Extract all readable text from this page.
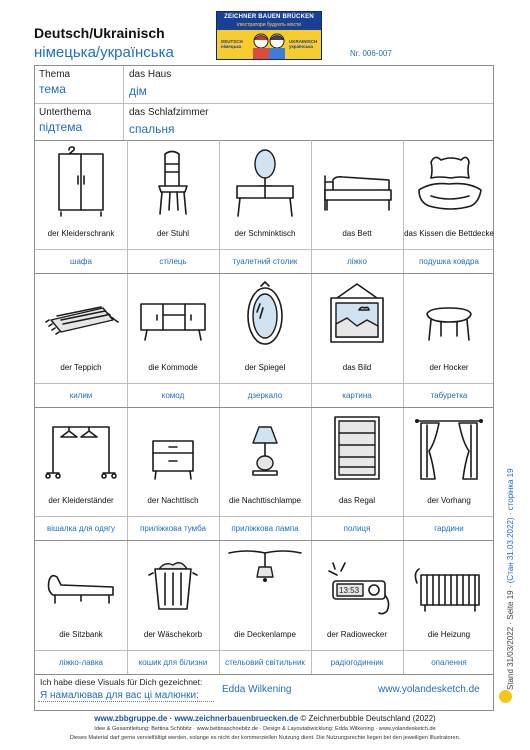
Deutsch/Ukrainisch
німецька/українська
ZEICHNER BAUEN BRÜCKEN
ілюстратори будують мости
DEUTSCH
німецька
UKRAINISCH
українська
Nr. 006-007
Thema
тема
das Haus
дім
Unterthema
підтема
das Schlafzimmer
спальня
der Kleiderschrank
шафа
der Stuhl
стілець
der Schminktisch
туалетний столик
das Bett
ліжко
das Kissen die Bettdecke
подушка ковдра
der Teppich
килим
die Kommode
комод
der Spiegel
дзеркало
das Bild
картина
der Hocker
табуретка
der Kleiderständer
вішалка для одягу
der Nachttisch
приліжкова тумба
die Nachttischlampe
приліжкова лампа
das Regal
полиця
der Vorhang
гардини
die Sitzbank
ліжко-лавка
der Wäschekorb
кошик для білизни
die Deckenlampe
стельовий світильник
13:53
der Radiowecker
радіогодинник
die Heizung
опалення
Ich habe diese Visuals für Dich gezeichnet:
Я намалював для вас ці малюнки:
Edda Wilkening	www.yolandesketch.de	Stand 31/03/2022 · Seite 19 · (Стан 31.03.2022) · сторінка 19
www.zbbgruppe.de · www.zeichnerbauenbruecken.de © Zeichnerbubble Deutschland (2022)
Idee & Gesamtleitung: Bettina Schöbitz · www.bettinaschoebitz.de · Design & Layoutabwicklung: Edda Wilkening · www.yolandesketch.de
Dieses Material darf gerne vervielfältigt werden, solange es nicht der kommerziellen Nutzung dient. Die Nutzungsrechte liegen bei den jeweiligen Illustratoren.
